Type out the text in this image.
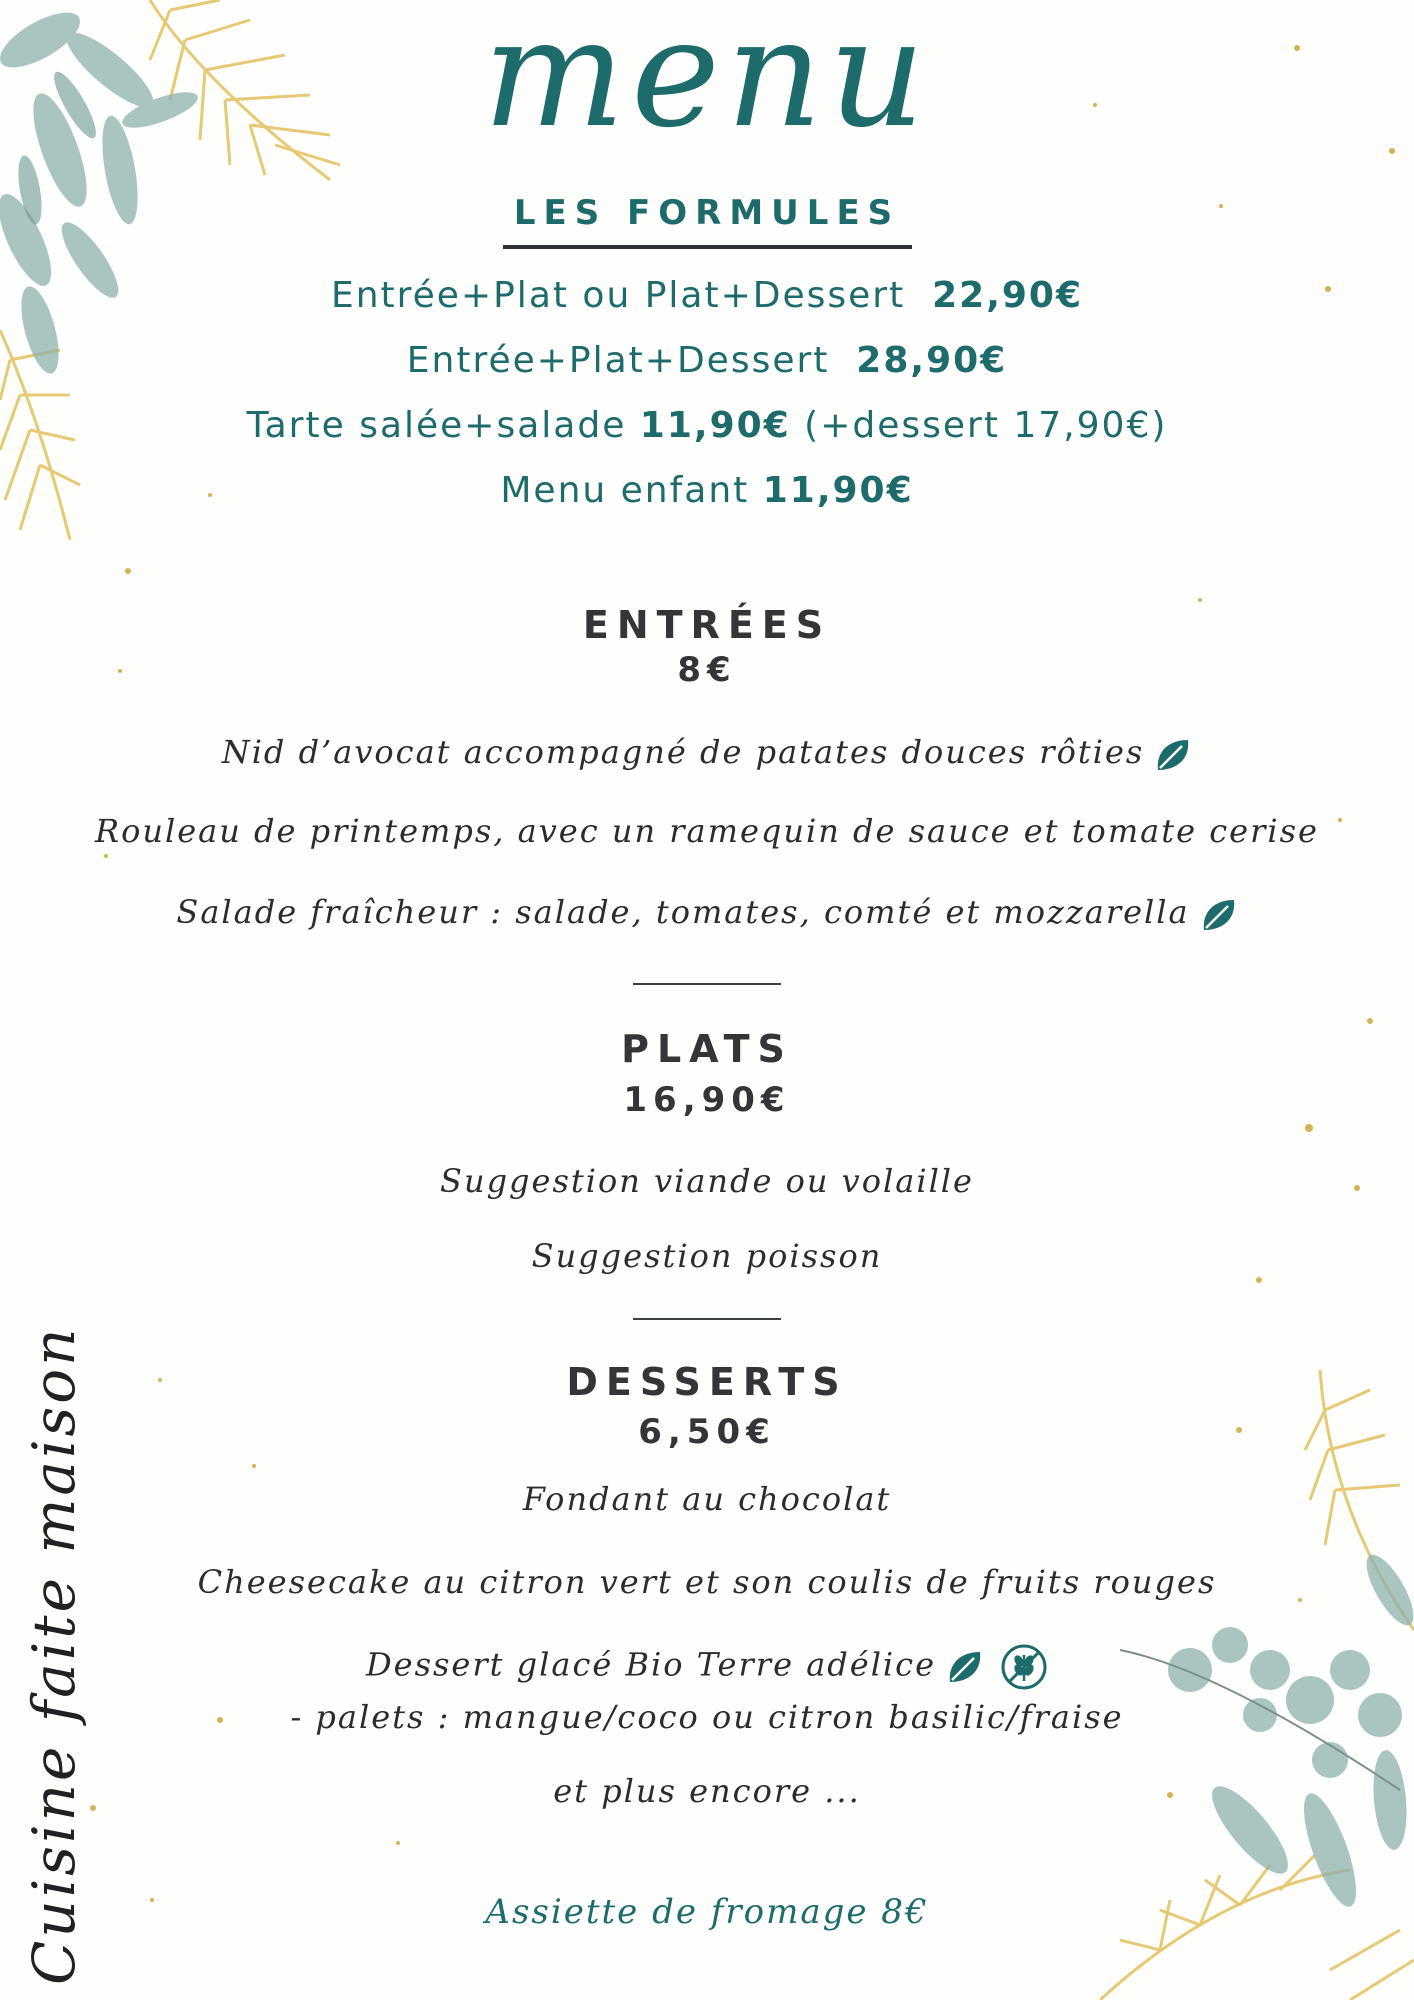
menu
LES FORMULES
Entrée+Plat ou Plat+Dessert  22,90€
Entrée+Plat+Dessert  28,90€
Tarte salée+salade 11,90€ (+dessert 17,90€)
Menu enfant 11,90€
ENTRÉES
8€
Nid d’avocat accompagné de patates douces rôties
Rouleau de printemps, avec un ramequin de sauce et tomate cerise
Salade fraîcheur : salade, tomates, comté et mozzarella
PLATS
16,90€
Suggestion viande ou volaille
Suggestion poisson
DESSERTS
6,50€
Fondant au chocolat
Cheesecake au citron vert et son coulis de fruits rouges
Dessert glacé Bio Terre adélice
- palets : mangue/coco ou citron basilic/fraise
et plus encore ...
Assiette de fromage 8€
Cuisine faite maison
